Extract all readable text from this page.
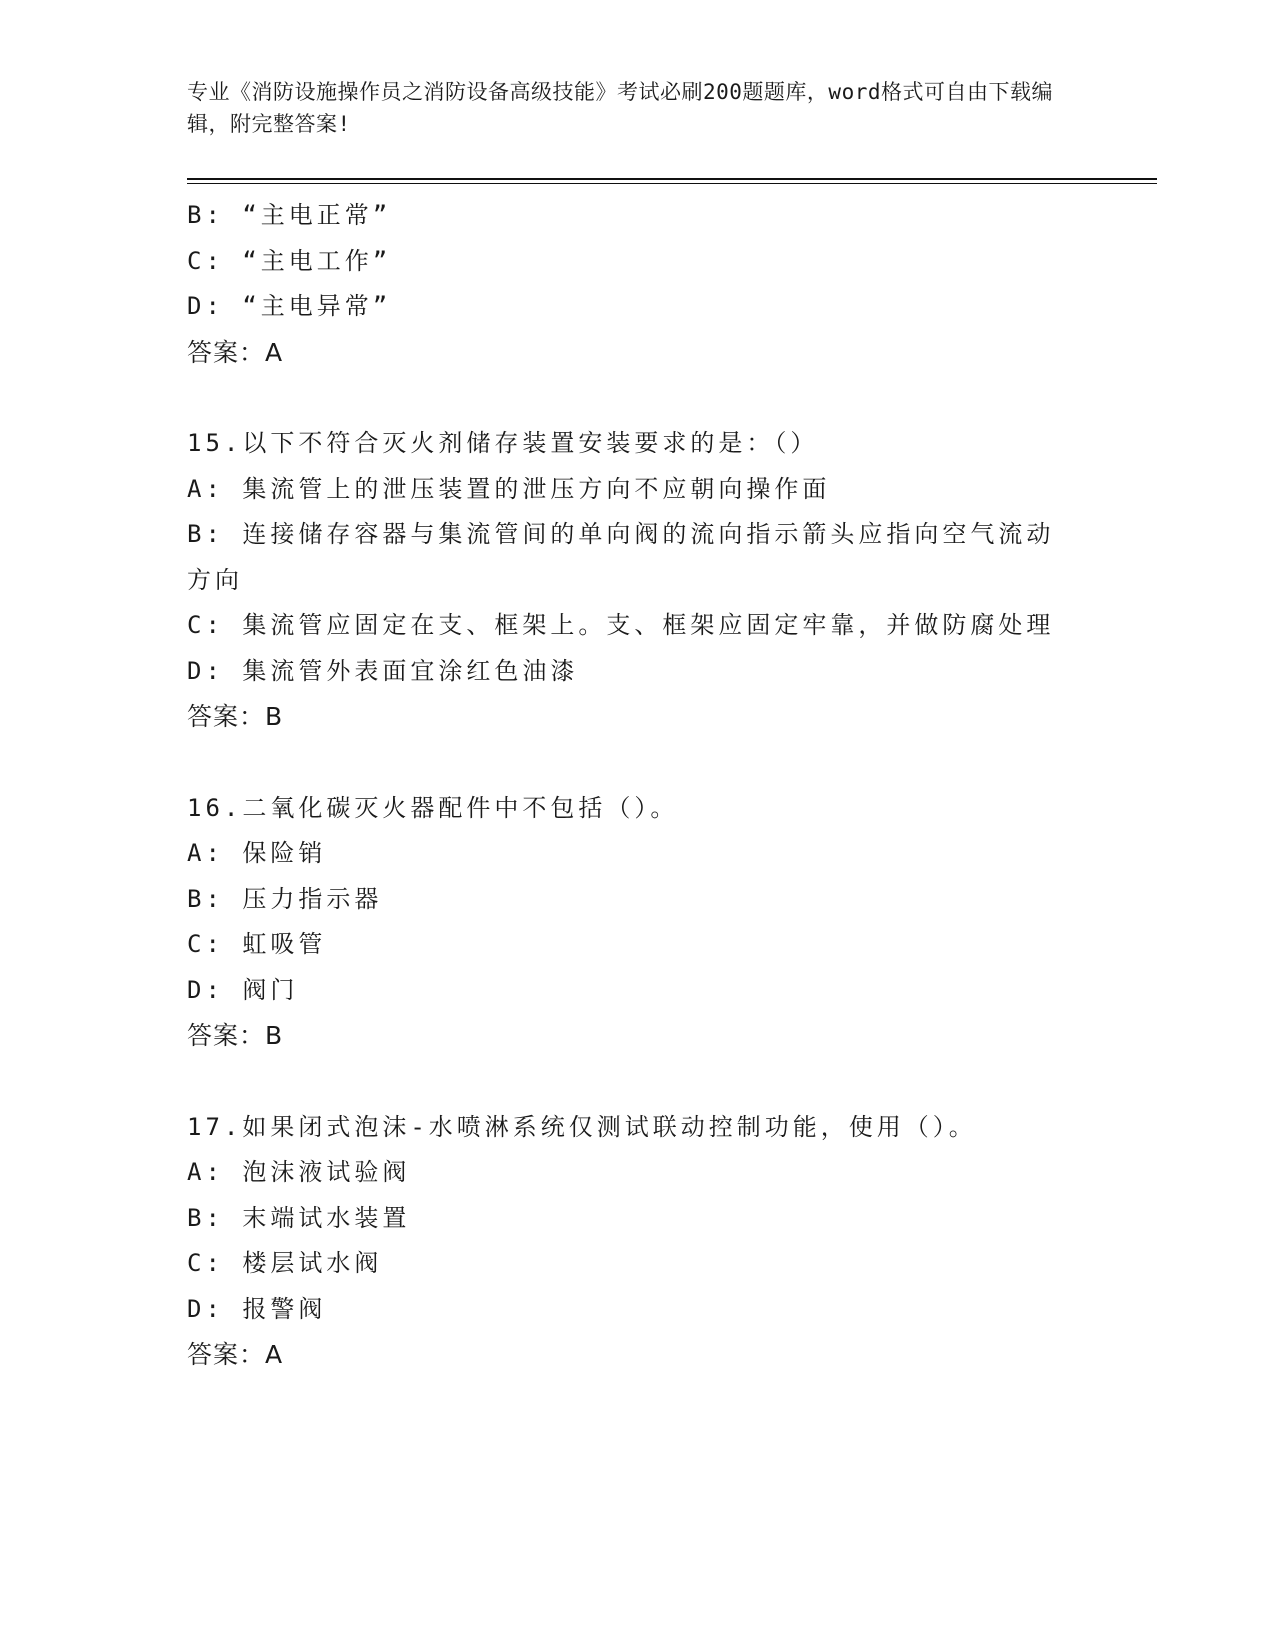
专业《消防设施操作员之消防设备高级技能》考试必刷200题题库，word格式可自由下载编辑，附完整答案!
B: “主电正常”
C: “主电工作”
D: “主电异常”
答案：A
15.以下不符合灭火剂储存装置安装要求的是：（）
A: 集流管上的泄压装置的泄压方向不应朝向操作面
B: 连接储存容器与集流管间的单向阀的流向指示箭头应指向空气流动方向
C: 集流管应固定在支、框架上。支、框架应固定牢靠，并做防腐处理
D: 集流管外表面宜涂红色油漆
答案：B
16.二氧化碳灭火器配件中不包括（）。
A: 保险销
B: 压力指示器
C: 虹吸管
D: 阀门
答案：B
17.如果闭式泡沫-水喷淋系统仅测试联动控制功能，使用（）。
A: 泡沫液试验阀
B: 末端试水装置
C: 楼层试水阀
D: 报警阀
答案：A
